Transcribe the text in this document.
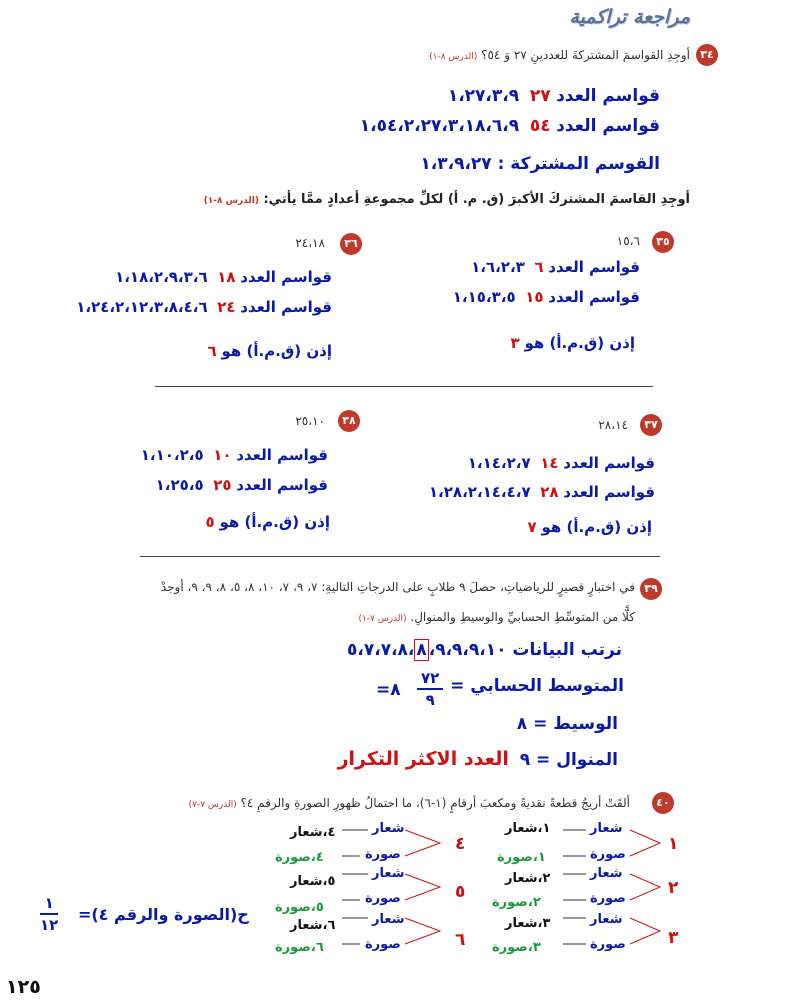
مراجعة تراكمية
٣٤
أوجِدِ القواسمَ المشتركةَ للعددينِ ٢٧ وَ ٥٤؟ (الدرس ٨-١)
قواسم العدد ٢٧  ١،٢٧،٣،٩
قواسم العدد ٥٤  ١،٥٤،٢،٢٧،٣،١٨،٦،٩
القوسم المشتركة : ١،٣،٩،٢٧
أوجِدِ القاسمَ المشتركَ الأكبرَ (ق. م. أ) لكلِّ مجموعةِ أعدادٍ ممَّا يأتي: (الدرس ٨-١)
٣٥
١٥،٦
قواسم العدد ٦  ١،٦،٢،٣
قواسم العدد ١٥  ١،١٥،٣،٥
إذن (ق.م.أ) هو ٣
٣٦
٢٤،١٨
قواسم العدد ١٨  ١،١٨،٢،٩،٣،٦
قواسم العدد ٢٤  ١،٢٤،٢،١٢،٣،٨،٤،٦
إذن (ق.م.أ) هو ٦
٣٧
٢٨،١٤
قواسم العدد ١٤  ١،١٤،٢،٧
قواسم العدد ٢٨  ١،٢٨،٢،١٤،٤،٧
إذن (ق.م.أ) هو ٧
٣٨
٢٥،١٠
قواسم العدد ١٠  ١،١٠،٢،٥
قواسم العدد ٢٥  ١،٢٥،٥
إذن (ق.م.أ) هو ٥
٣٩
في اختبارٍ قصيرٍ للرياضياتِ، حصلَ ٩ طلابٍ على الدرجاتِ التاليةِ: ٧، ٩، ٧، ١٠، ٨، ٥، ٨، ٩، ٩، أوجدْ
كلًّا من المتوسِّطِ الحسابيِّ والوسيطِ والمنوالِ. (الدرس ٧-١)
نرتب البيانات ٥،٧،٧،٨، ٨ ،٩،٩،٩،١٠
المتوسط الحسابي =
٧٢
٩
=٨
الوسيط = ٨
المنوال = ٩  العدد الاكثر التكرار
٤٠
ألقَتْ أريجُ قطعةً نقديةً ومكعبَ أرقامٍ (١-٦)، ما احتمالُ ظهورِ الصورةِ والرقمِ ٤؟ (الدرس ٧-٧)
١
شعار
١،شعار
صورة
١،صورة
٢
شعار
٢،شعار
صورة
٢،صورة
٣
شعار
٣،شعار
صورة
٣،صورة
٤
شعار
٤،شعار
صورة
٤،صورة
٥
شعار
٥،شعار
صورة
٥،صورة
٦
شعار
٦،شعار
صورة
٦،صورة
ح(الصورة والرقم ٤)=
١
١٢
١٢٥
